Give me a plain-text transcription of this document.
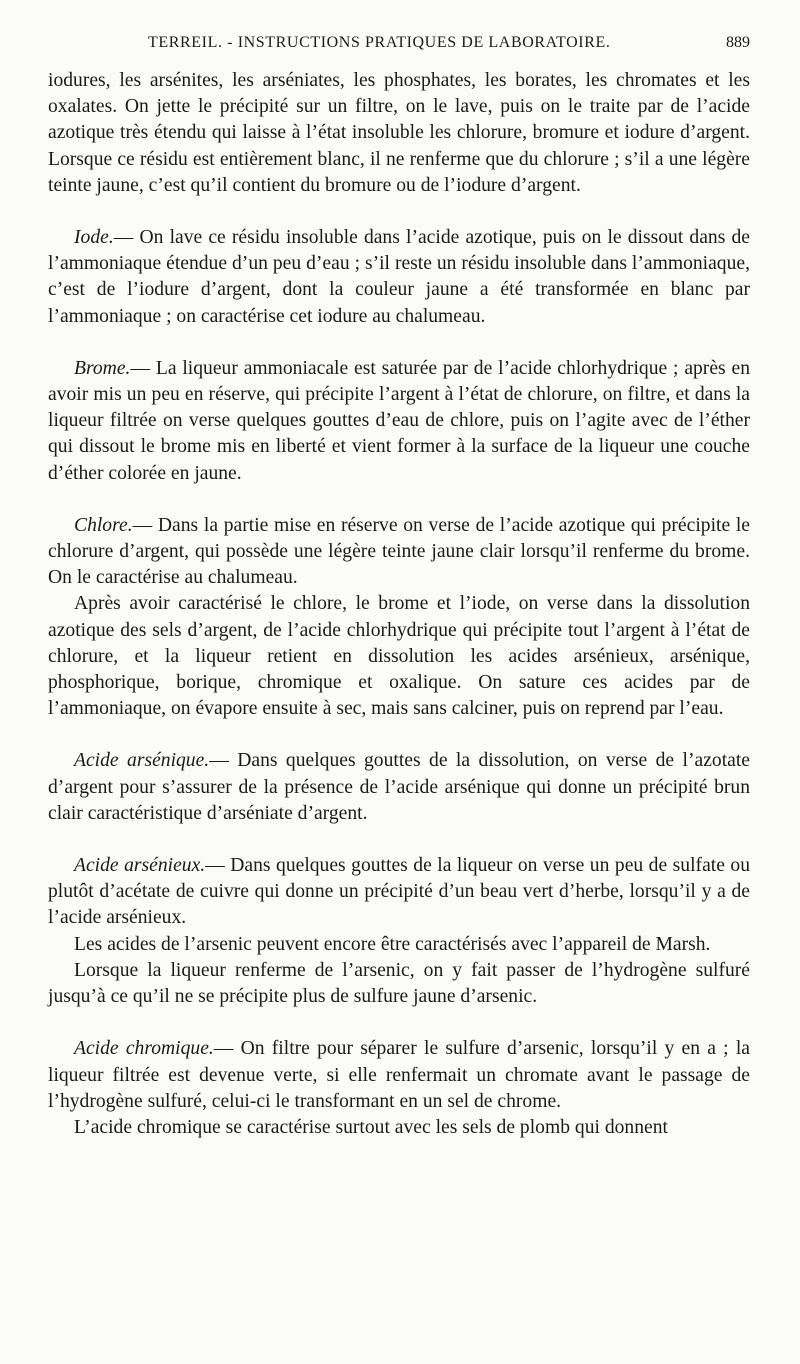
TERREIL. - INSTRUCTIONS PRATIQUES DE LABORATOIRE.	889

iodures, les arsénites, les arséniates, les phosphates, les borates, les chromates et les oxalates. On jette le précipité sur un filtre, on le lave, puis on le traite par de l’acide azotique très étendu qui laisse à l’état insoluble les chlorure, bromure et iodure d’argent. Lorsque ce résidu est entièrement blanc, il ne renferme que du chlorure ; s’il a une légère teinte jaune, c’est qu’il contient du bromure ou de l’iodure d’argent.

Iode.— On lave ce résidu insoluble dans l’acide azotique, puis on le dissout dans de l’ammoniaque étendue d’un peu d’eau ; s’il reste un résidu insoluble dans l’ammoniaque, c’est de l’iodure d’argent, dont la couleur jaune a été transformée en blanc par l’ammoniaque ; on caractérise cet iodure au chalumeau.

Brome.— La liqueur ammoniacale est saturée par de l’acide chlorhydrique ; après en avoir mis un peu en réserve, qui précipite l’argent à l’état de chlorure, on filtre, et dans la liqueur filtrée on verse quelques gouttes d’eau de chlore, puis on l’agite avec de l’éther qui dissout le brome mis en liberté et vient former à la surface de la liqueur une couche d’éther colorée en jaune.

Chlore.— Dans la partie mise en réserve on verse de l’acide azotique qui précipite le chlorure d’argent, qui possède une légère teinte jaune clair lorsqu’il renferme du brome. On le caractérise au chalumeau.

Après avoir caractérisé le chlore, le brome et l’iode, on verse dans la dissolution azotique des sels d’argent, de l’acide chlorhydrique qui précipite tout l’argent à l’état de chlorure, et la liqueur retient en dissolution les acides arsénieux, arsénique, phosphorique, borique, chromique et oxalique. On sature ces acides par de l’ammoniaque, on évapore ensuite à sec, mais sans calciner, puis on reprend par l’eau.

Acide arsénique.— Dans quelques gouttes de la dissolution, on verse de l’azotate d’argent pour s’assurer de la présence de l’acide arsénique qui donne un précipité brun clair caractéristique d’arséniate d’argent.

Acide arsénieux.— Dans quelques gouttes de la liqueur on verse un peu de sulfate ou plutôt d’acétate de cuivre qui donne un précipité d’un beau vert d’herbe, lorsqu’il y a de l’acide arsénieux.

Les acides de l’arsenic peuvent encore être caractérisés avec l’appareil de Marsh.

Lorsque la liqueur renferme de l’arsenic, on y fait passer de l’hydrogène sulfuré jusqu’à ce qu’il ne se précipite plus de sulfure jaune d’arsenic.

Acide chromique.— On filtre pour séparer le sulfure d’arsenic, lorsqu’il y en a ; la liqueur filtrée est devenue verte, si elle renfermait un chromate avant le passage de l’hydrogène sulfuré, celui-ci le transformant en un sel de chrome.

L’acide chromique se caractérise surtout avec les sels de plomb qui donnent
